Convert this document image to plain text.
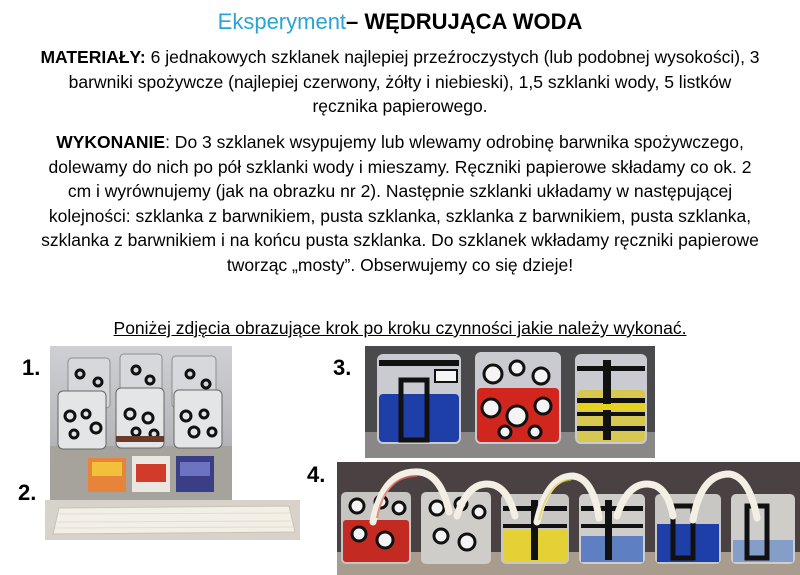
Eksperyment– WĘDRUJĄCA WODA
MATERIAŁY: 6 jednakowych szklanek najlepiej przeźroczystych (lub podobnej wysokości), 3 barwniki spożywcze (najlepiej czerwony, żółty i niebieski), 1,5 szklanki wody, 5 listków ręcznika papierowego.
WYKONANIE: Do 3 szklanek wsypujemy lub wlewamy odrobinę barwnika spożywczego, dolewamy do nich po pół szklanki wody i mieszamy. Ręczniki papierowe składamy co ok. 2 cm i wyrównujemy (jak na obrazku nr 2). Następnie szklanki układamy w następującej kolejności: szklanka z barwnikiem, pusta szklanka, szklanka z barwnikiem, pusta szklanka, szklanka z barwnikiem i na końcu pusta szklanka. Do szklanek wkładamy ręczniki papierowe tworząc „mosty”. Obserwujemy co się dzieje!
Poniżej zdjęcia obrazujące krok po kroku czynności jakie należy wykonać.
1.
2.
3.
4.
